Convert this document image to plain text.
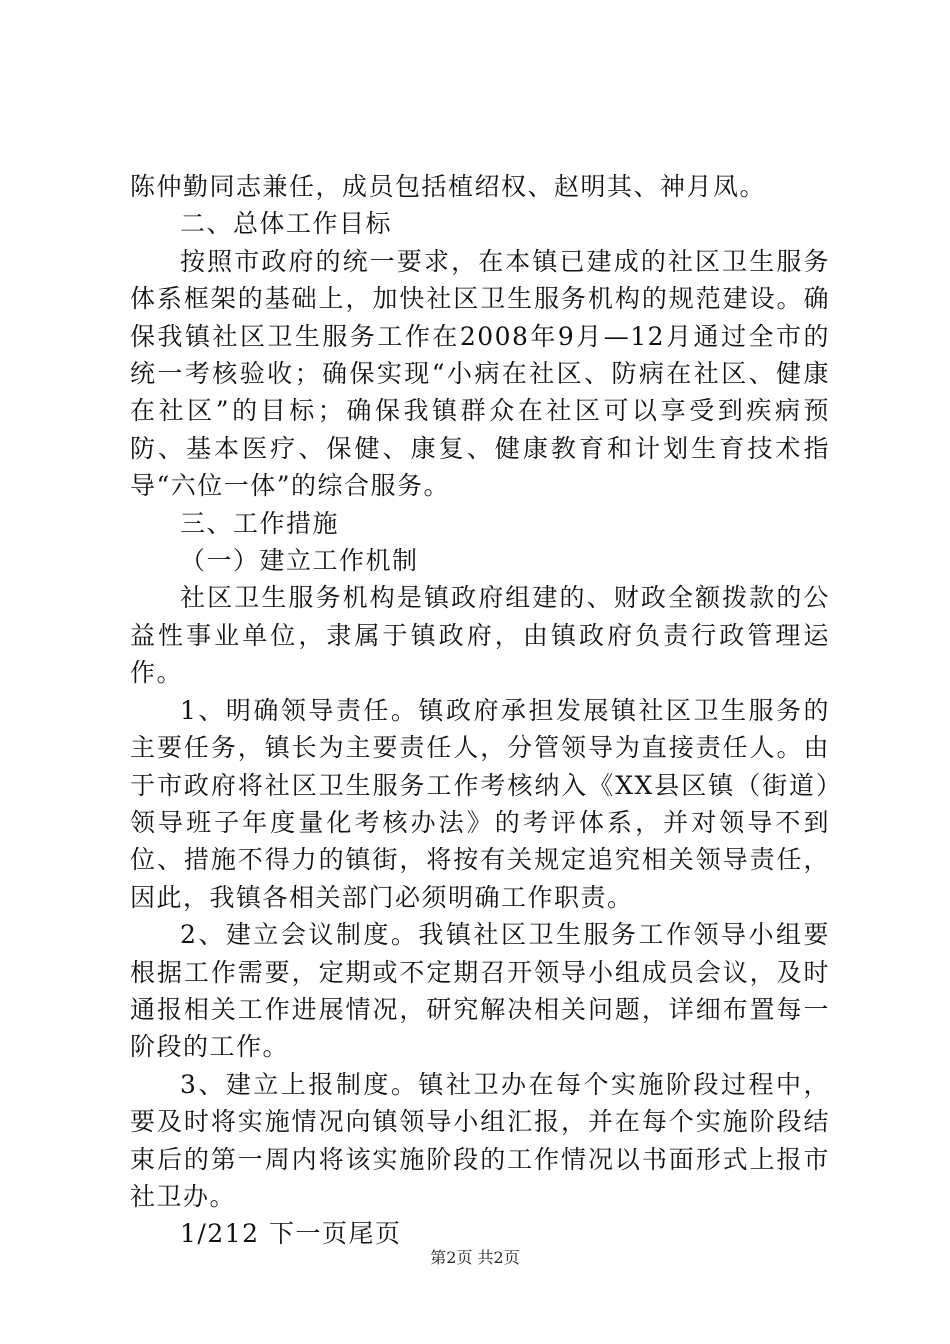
陈仲勤同志兼任，成员包括植绍权、赵明其、神月凤。

二、总体工作目标

按照市政府的统一要求，在本镇已建成的社区卫生服务体系框架的基础上，加快社区卫生服务机构的规范建设。确保我镇社区卫生服务工作在2008年9月—12月通过全市的统一考核验收；确保实现“小病在社区、防病在社区、健康在社区”的目标；确保我镇群众在社区可以享受到疾病预防、基本医疗、保健、康复、健康教育和计划生育技术指导“六位一体”的综合服务。

三、工作措施

（一）建立工作机制

社区卫生服务机构是镇政府组建的、财政全额拨款的公益性事业单位，隶属于镇政府，由镇政府负责行政管理运作。

1、明确领导责任。镇政府承担发展镇社区卫生服务的主要任务，镇长为主要责任人，分管领导为直接责任人。由于市政府将社区卫生服务工作考核纳入《XX县区镇（街道）领导班子年度量化考核办法》的考评体系，并对领导不到位、措施不得力的镇街，将按有关规定追究相关领导责任，因此，我镇各相关部门必须明确工作职责。

2、建立会议制度。我镇社区卫生服务工作领导小组要根据工作需要，定期或不定期召开领导小组成员会议，及时通报相关工作进展情况，研究解决相关问题，详细布置每一阶段的工作。

3、建立上报制度。镇社卫办在每个实施阶段过程中，要及时将实施情况向镇领导小组汇报，并在每个实施阶段结束后的第一周内将该实施阶段的工作情况以书面形式上报市社卫办。

1/212 下一页尾页

第2页 共2页
